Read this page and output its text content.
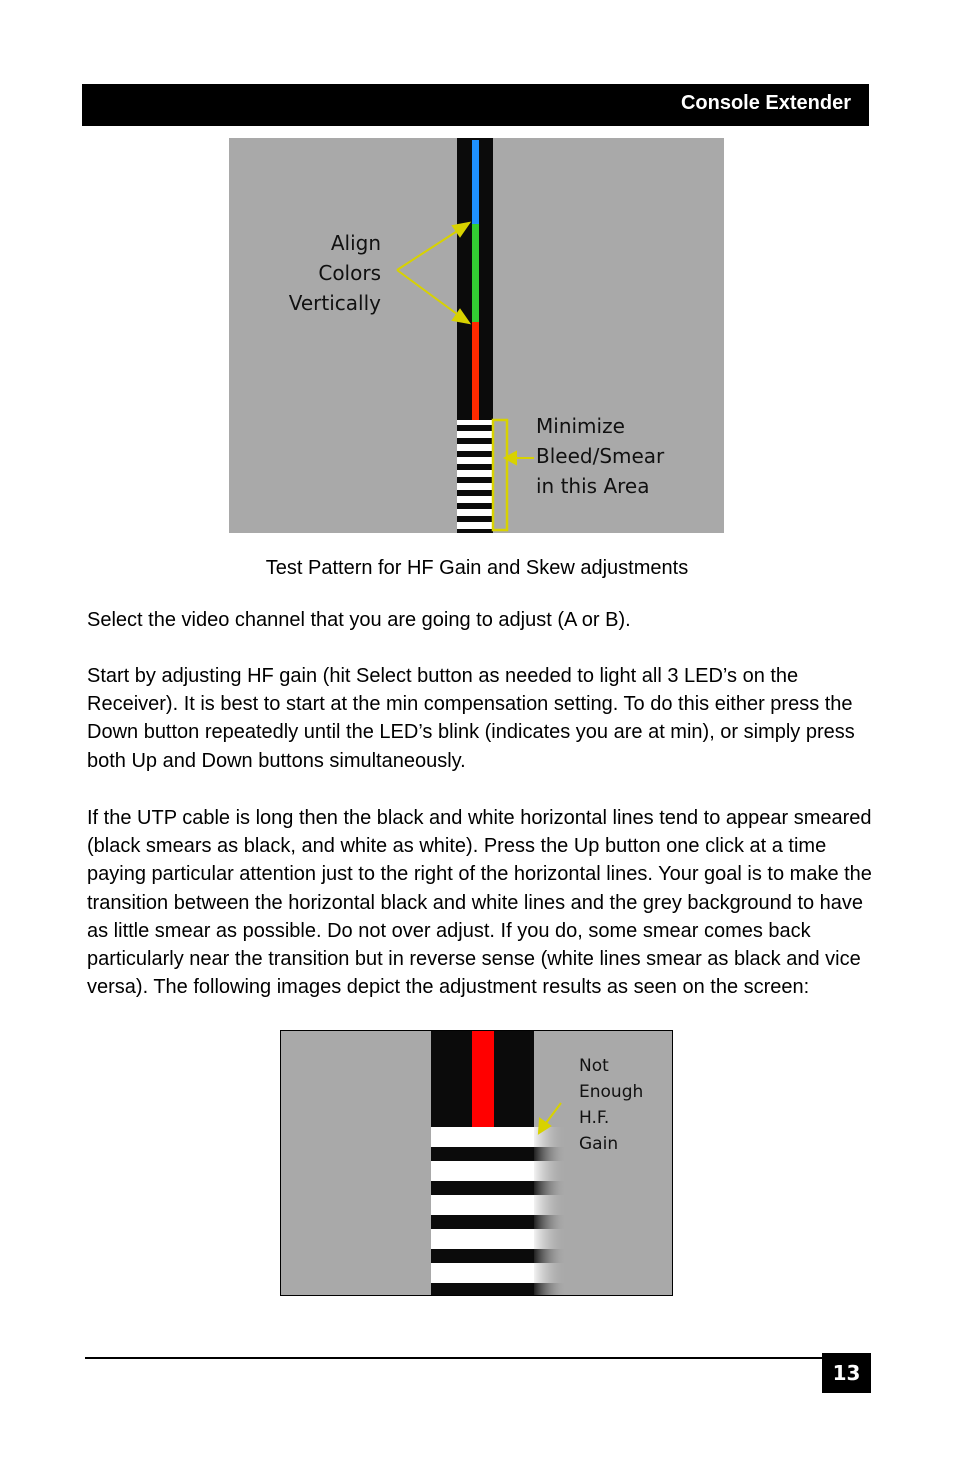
Console Extender
Align
Colors
Vertically
Minimize
Bleed/Smear
in this Area
Test Pattern for HF Gain and Skew adjustments
Select the video channel that you are going to adjust (A or B).
Start by adjusting HF gain (hit Select button as needed to light all 3 LED’s on the Receiver). It is best to start at the min compensation setting. To do this either press the Down button repeatedly until the LED’s blink (indicates you are at min), or simply press both Up and Down buttons simultaneously.
If the UTP cable is long then the black and white horizontal lines tend to appear smeared (black smears as black, and white as white). Press the Up button one click at a time paying particular attention just to the right of the horizontal lines. Your goal is to make the transition between the horizontal black and white lines and the grey background to have as little smear as possible. Do not over adjust. If you do, some smear comes back particularly near the transition but in reverse sense (white lines smear as black and vice versa). The following images depict the adjustment results as seen on the screen:
Not
Enough
H.F.
Gain
13
